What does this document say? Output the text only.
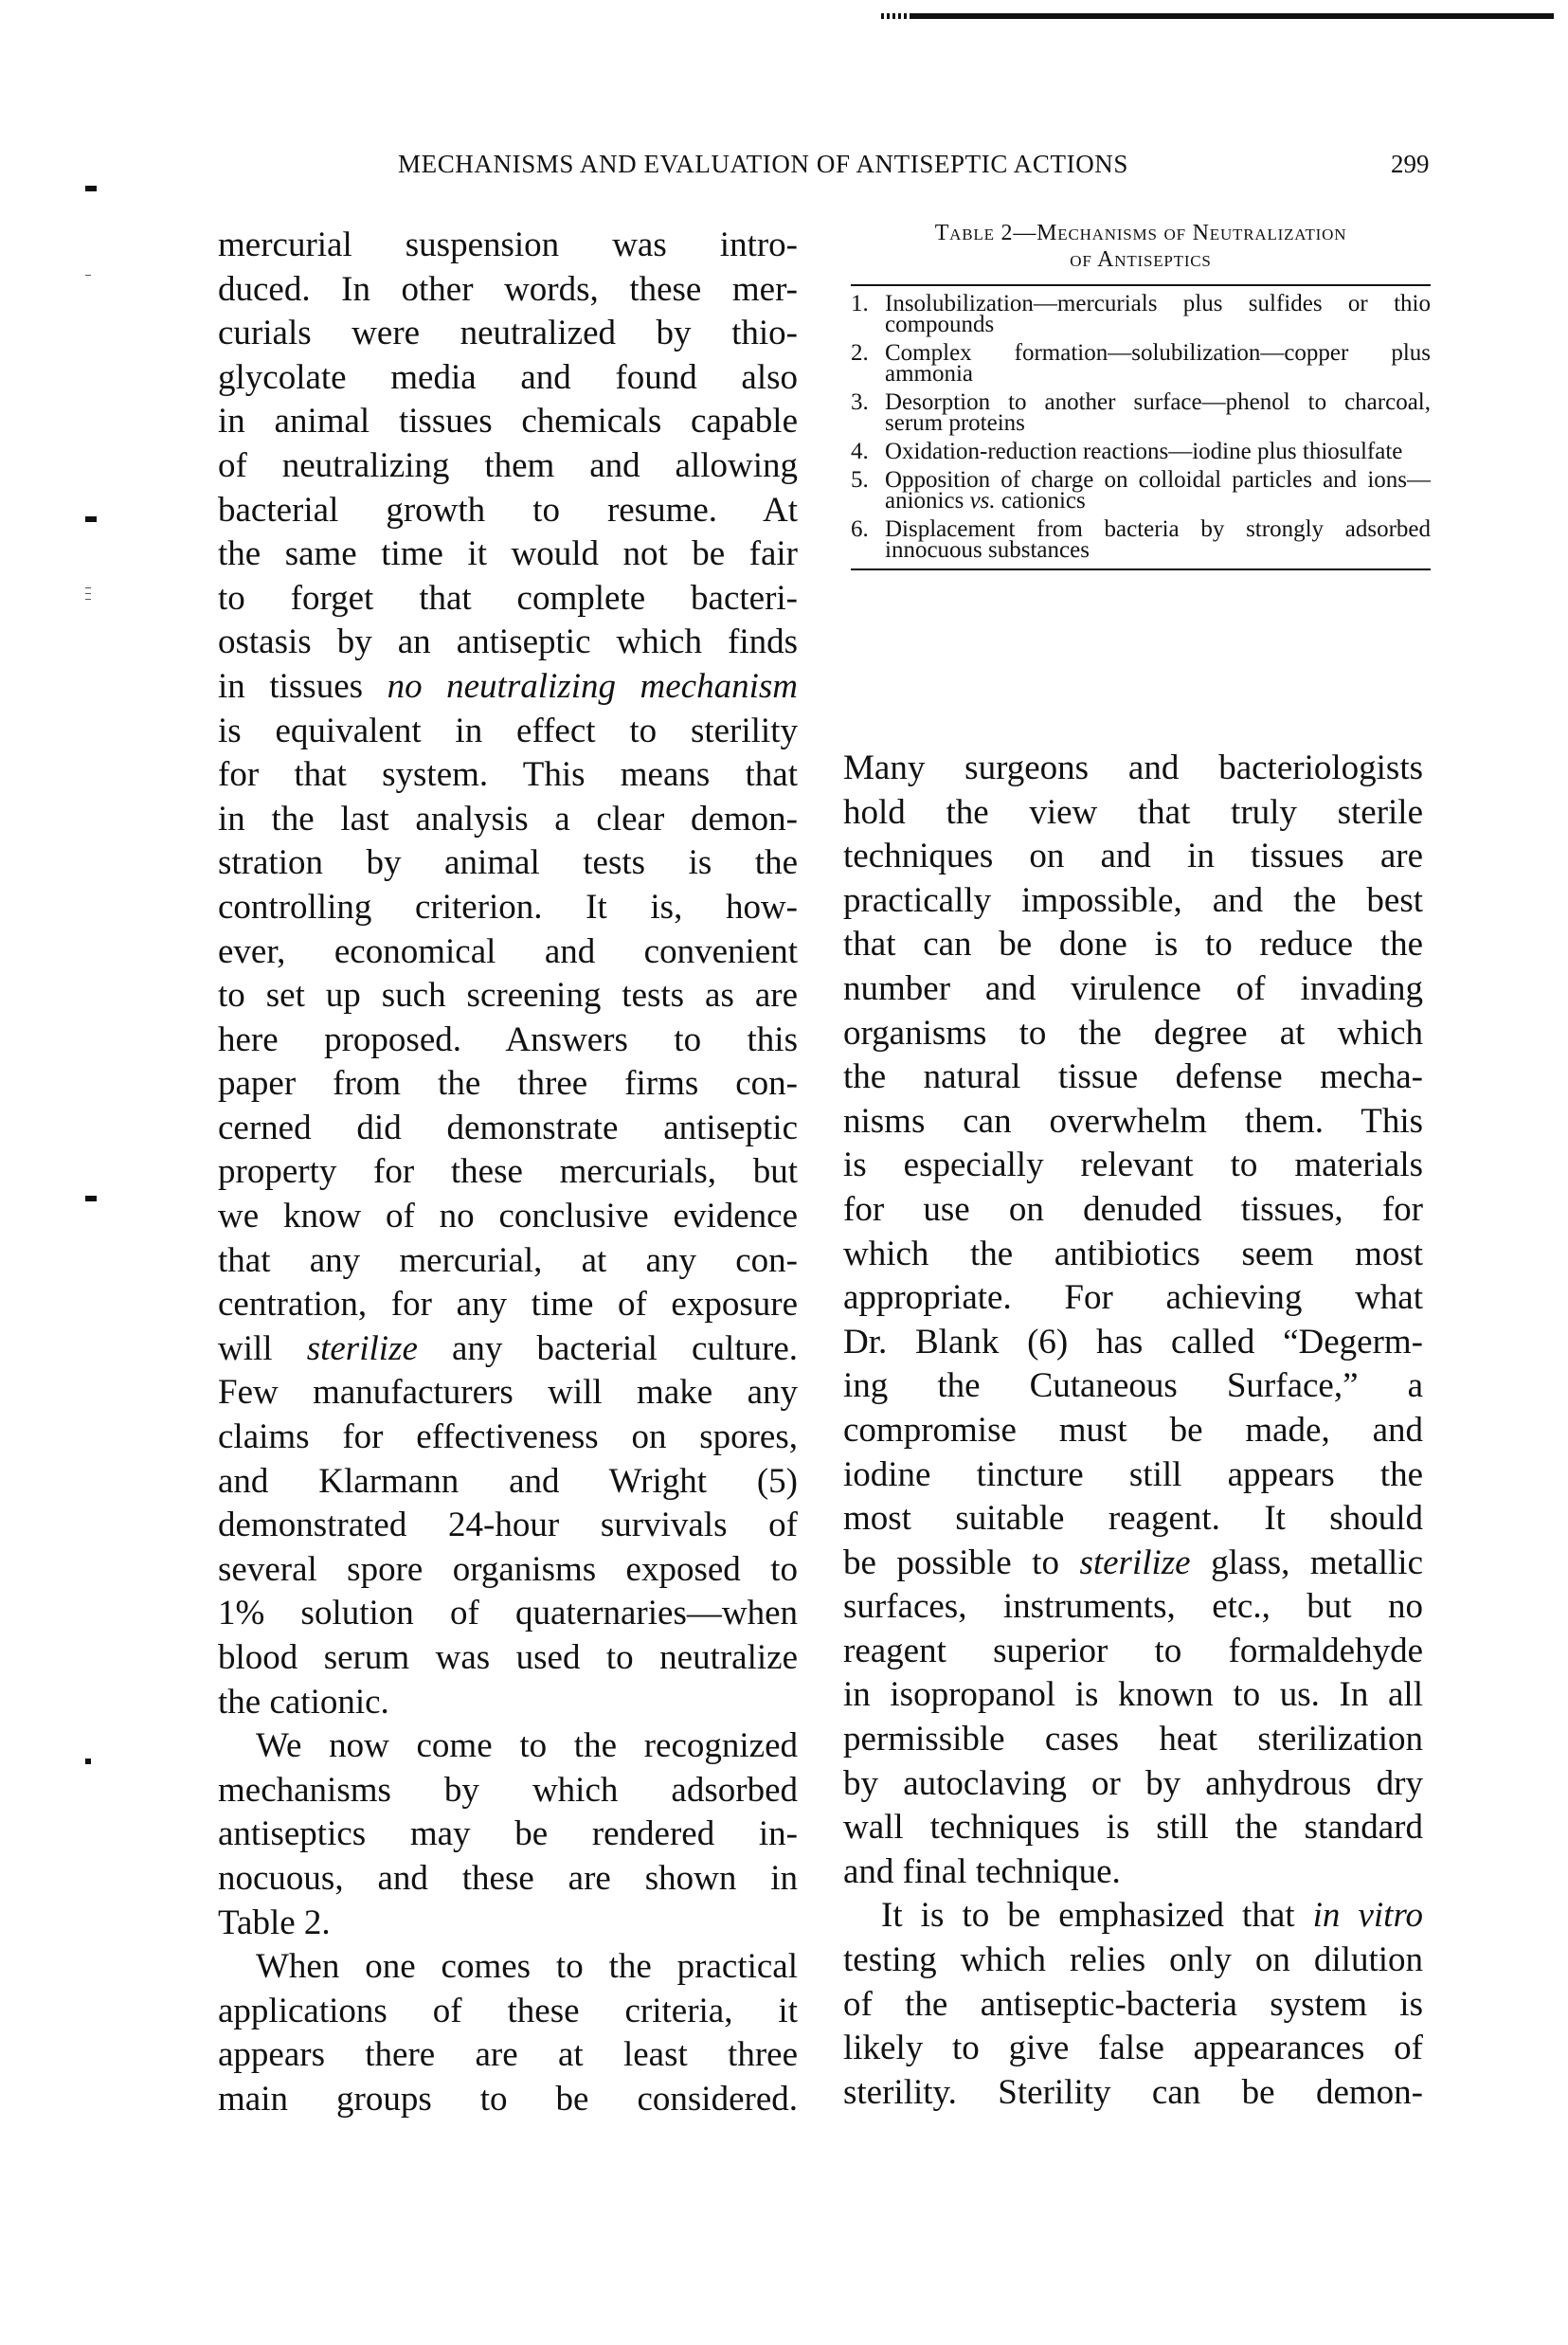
MECHANISMS AND EVALUATION OF ANTISEPTIC ACTIONS	299
mercurial suspension was intro-
duced. In other words, these mer-
curials were neutralized by thio-
glycolate media and found also
in animal tissues chemicals capable
of neutralizing them and allowing
bacterial growth to resume. At
the same time it would not be fair
to forget that complete bacteri-
ostasis by an antiseptic which finds
in tissues no neutralizing mechanism
is equivalent in effect to sterility
for that system. This means that
in the last analysis a clear demon-
stration by animal tests is the
controlling criterion. It is, how-
ever, economical and convenient
to set up such screening tests as are
here proposed. Answers to this
paper from the three firms con-
cerned did demonstrate antiseptic
property for these mercurials, but
we know of no conclusive evidence
that any mercurial, at any con-
centration, for any time of exposure
will sterilize any bacterial culture.
Few manufacturers will make any
claims for effectiveness on spores,
and Klarmann and Wright (5)
demonstrated 24-hour survivals of
several spore organisms exposed to
1% solution of quaternaries—when
blood serum was used to neutralize
the cationic.
We now come to the recognized
mechanisms by which adsorbed
antiseptics may be rendered in-
nocuous, and these are shown in
Table 2.
When one comes to the practical
applications of these criteria, it
appears there are at least three
main groups to be considered.
Table 2—Mechanisms of Neutralization
of Antiseptics
1. Insolubilization—mercurials plus sulfides or thio compounds
2. Complex formation—solubilization—copper plus ammonia
3. Desorption to another surface—phenol to charcoal, serum proteins
4. Oxidation-reduction reactions—iodine plus thiosulfate
5. Opposition of charge on colloidal particles and ions—anionics vs. cationics
6. Displacement from bacteria by strongly adsorbed innocuous substances
Many surgeons and bacteriologists
hold the view that truly sterile
techniques on and in tissues are
practically impossible, and the best
that can be done is to reduce the
number and virulence of invading
organisms to the degree at which
the natural tissue defense mecha-
nisms can overwhelm them. This
is especially relevant to materials
for use on denuded tissues, for
which the antibiotics seem most
appropriate. For achieving what
Dr. Blank (6) has called “Degerm-
ing the Cutaneous Surface,” a
compromise must be made, and
iodine tincture still appears the
most suitable reagent. It should
be possible to sterilize glass, metallic
surfaces, instruments, etc., but no
reagent superior to formaldehyde
in isopropanol is known to us. In all
permissible cases heat sterilization
by autoclaving or by anhydrous dry
wall techniques is still the standard
and final technique.
It is to be emphasized that in vitro
testing which relies only on dilution
of the antiseptic-bacteria system is
likely to give false appearances of
sterility. Sterility can be demon-
